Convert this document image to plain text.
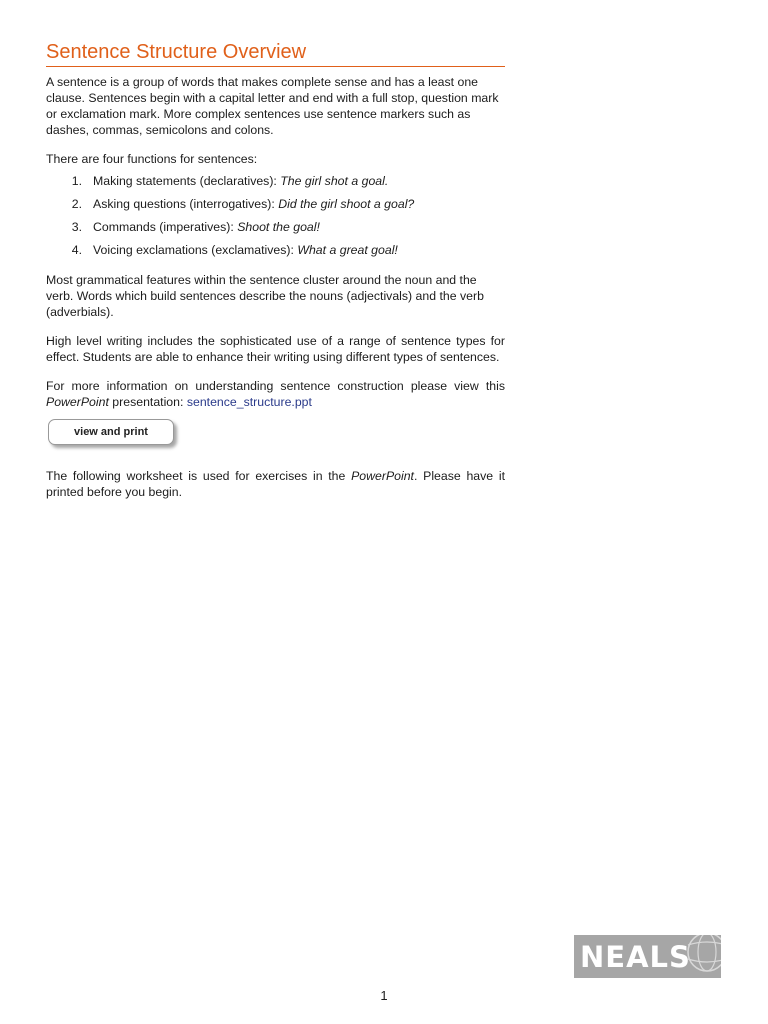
Sentence Structure Overview

A sentence is a group of words that makes complete sense and has a least one clause. Sentences begin with a capital letter and end with a full stop, question mark or exclamation mark. More complex sentences use sentence markers such as dashes, commas, semicolons and colons.

There are four functions for sentences:

1. Making statements (declaratives): The girl shot a goal.
2. Asking questions (interrogatives): Did the girl shoot a goal?
3. Commands (imperatives): Shoot the goal!
4. Voicing exclamations (exclamatives): What a great goal!

Most grammatical features within the sentence cluster around the noun and the verb. Words which build sentences describe the nouns (adjectivals) and the verb (adverbials).

High level writing includes the sophisticated use of a range of sentence types for effect. Students are able to enhance their writing using different types of sentences.

For more information on understanding sentence construction please view this PowerPoint presentation: sentence_structure.ppt

view and print

The following worksheet is used for exercises in the PowerPoint. Please have it printed before you begin.

NEALS
1
